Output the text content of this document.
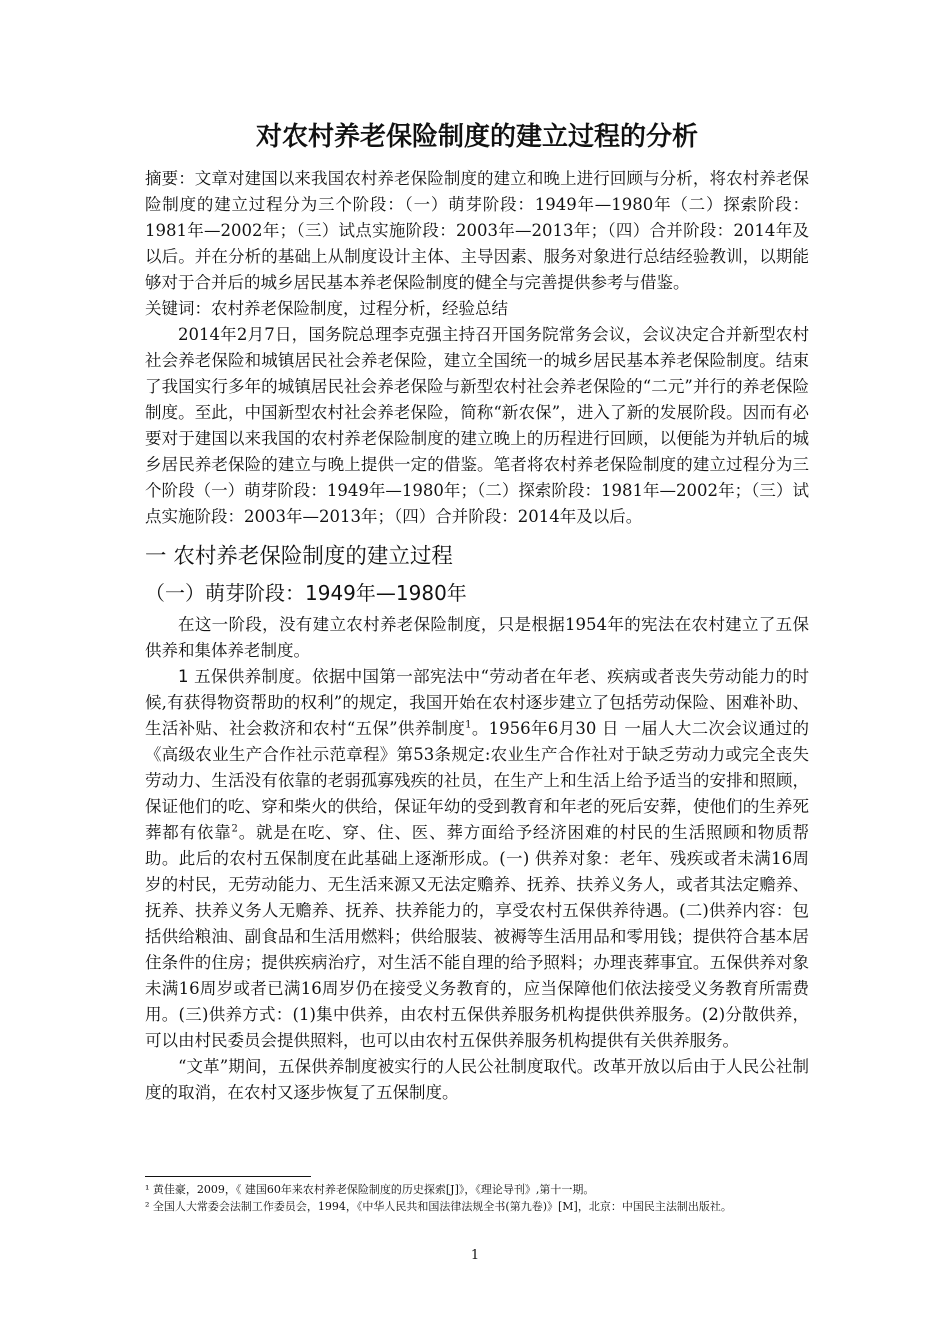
对农村养老保险制度的建立过程的分析

摘要：文章对建国以来我国农村养老保险制度的建立和晚上进行回顾与分析，将农村养老保险制度的建立过程分为三个阶段：（一）萌芽阶段：1949年—1980年（二）探索阶段：1981年—2002年；（三）试点实施阶段：2003年—2013年；（四）合并阶段：2014年及以后。并在分析的基础上从制度设计主体、主导因素、服务对象进行总结经验教训，以期能够对于合并后的城乡居民基本养老保险制度的健全与完善提供参考与借鉴。

关键词：农村养老保险制度，过程分析，经验总结

2014年2月7日，国务院总理李克强主持召开国务院常务会议，会议决定合并新型农村社会养老保险和城镇居民社会养老保险，建立全国统一的城乡居民基本养老保险制度。结束了我国实行多年的城镇居民社会养老保险与新型农村社会养老保险的“二元”并行的养老保险制度。至此，中国新型农村社会养老保险，简称“新农保”，进入了新的发展阶段。因而有必要对于建国以来我国的农村养老保险制度的建立晚上的历程进行回顾，以便能为并轨后的城乡居民养老保险的建立与晚上提供一定的借鉴。笔者将农村养老保险制度的建立过程分为三个阶段（一）萌芽阶段：1949年—1980年；（二）探索阶段：1981年—2002年；（三）试点实施阶段：2003年—2013年；（四）合并阶段：2014年及以后。

一 农村养老保险制度的建立过程
（一）萌芽阶段：1949年—1980年

在这一阶段，没有建立农村养老保险制度，只是根据1954年的宪法在农村建立了五保供养和集体养老制度。

1 五保供养制度。依据中国第一部宪法中“劳动者在年老、疾病或者丧失劳动能力的时候,有获得物资帮助的权利”的规定，我国开始在农村逐步建立了包括劳动保险、困难补助、生活补贴、社会救济和农村“五保”供养制度$^1$。1956年6月30 日 一届人大二次会议通过的《高级农业生产合作社示范章程》第53条规定:农业生产合作社对于缺乏劳动力或完全丧失劳动力、生活没有依靠的老弱孤寡残疾的社员，在生产上和生活上给予适当的安排和照顾，保证他们的吃、穿和柴火的供给，保证年幼的受到教育和年老的死后安葬，使他们的生养死葬都有依靠$^2$。就是在吃、穿、住、医、葬方面给予经济困难的村民的生活照顾和物质帮助。此后的农村五保制度在此基础上逐渐形成。(一) 供养对象：老年、残疾或者未满16周岁的村民，无劳动能力、无生活来源又无法定赡养、抚养、扶养义务人，或者其法定赡养、抚养、扶养义务人无赡养、抚养、扶养能力的，享受农村五保供养待遇。(二)供养内容：包括供给粮油、副食品和生活用燃料；供给服装、被褥等生活用品和零用钱；提供符合基本居住条件的住房；提供疾病治疗，对生活不能自理的给予照料；办理丧葬事宜。五保供养对象未满16周岁或者已满16周岁仍在接受义务教育的，应当保障他们依法接受义务教育所需费用。(三)供养方式：(1)集中供养，由农村五保供养服务机构提供供养服务。(2)分散供养，可以由村民委员会提供照料，也可以由农村五保供养服务机构提供有关供养服务。

“文革”期间，五保供养制度被实行的人民公社制度取代。改革开放以后由于人民公社制度的取消，在农村又逐步恢复了五保制度。

¹ 黄佳豪，2009，《 建国60年来农村养老保险制度的历史探索[J]》，《理论导刊》,第十一期。
² 全国人大常委会法制工作委员会，1994，《中华人民共和国法律法规全书(第九卷)》[M]，北京：中国民主法制出版社。
1
